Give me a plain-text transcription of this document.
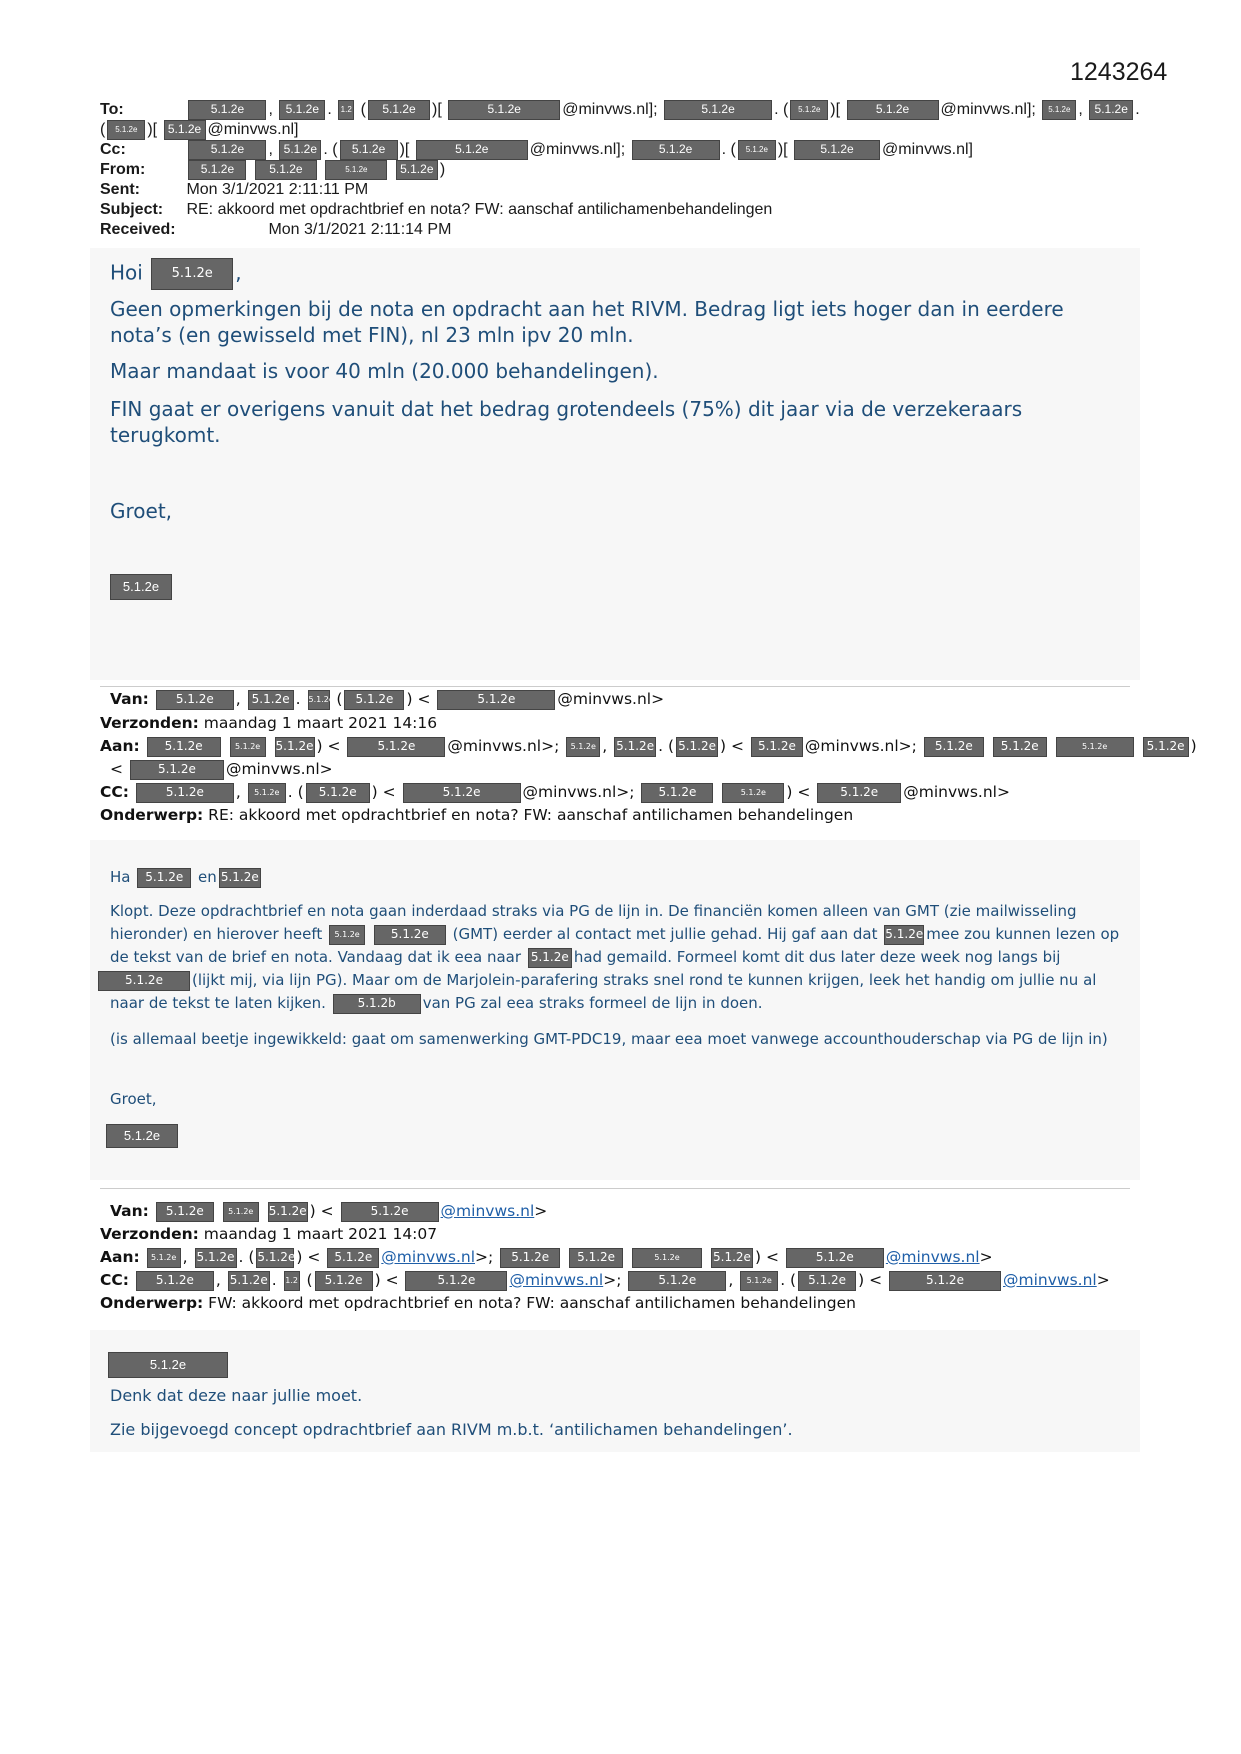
1243264
To:	5.1.2e , 5.1.2e . 1.2 ( 5.1.2e )[	5.1.2e	@minvws.nl];	5.1.2e . ( 5.1.2e )[	5.1.2e @minvws.nl]; 5.1.2e , 5.1.2e .
( 5.1.2e )[ 5.1.2e @minvws.nl]
Cc:	5.1.2e , 5.1.2e . ( 5.1.2e )[	5.1.2e	@minvws.nl];	5.1.2e . ( 5.1.2e )[ 5.1.2e @minvws.nl]
From:	5.1.2e	5.1.2e	5.1.2e	5.1.2e )
Sent:	Mon 3/1/2021 2:11:11 PM
Subject: RE: akkoord met opdrachtbrief en nota? FW: aanschaf antilichamenbehandelingen
Received:	Mon 3/1/2021 2:11:14 PM
Hoi 5.1.2e ,
Geen opmerkingen bij de nota en opdracht aan het RIVM. Bedrag ligt iets hoger dan in eerdere nota’s (en gewisseld met FIN), nl 23 mln ipv 20 mln.
Maar mandaat is voor 40 mln (20.000 behandelingen).
FIN gaat er overigens vanuit dat het bedrag grotendeels (75%) dit jaar via de verzekeraars terugkomt.
Groet,
5.1.2e
Van: 5.1.2e , 5.1.2e . 5.1.2e ( 5.1.2e ) <	5.1.2e	@minvws.nl>
Verzonden: maandag 1 maart 2021 14:16
Aan: 5.1.2e	5.1.2e 5.1.2e ) <	5.1.2e @minvws.nl>; 5.1.2e , 5.1.2e . ( 5.1.2e ) < 5.1.2e @minvws.nl>; 5.1.2e 5.1.2e	5.1.2e	5.1.2e )
<	5.1.2e @minvws.nl>
CC:	5.1.2e , 5.1.2e . ( 5.1.2e ) <	5.1.2e	@minvws.nl>; 5.1.2e	5.1.2e ) < 5.1.2e @minvws.nl>
Onderwerp: RE: akkoord met opdrachtbrief en nota? FW: aanschaf antilichamen behandelingen
Ha 5.1.2e en 5.1.2e
Klopt. Deze opdrachtbrief en nota gaan inderdaad straks via PG de lijn in. De financiën komen alleen van GMT (zie mailwisseling hieronder) en hierover heeft 5.1.2e	5.1.2e (GMT) eerder al contact met jullie gehad. Hij gaf aan dat 5.1.2e mee zou kunnen lezen op de tekst van de brief en nota. Vandaag dat ik eea naar 5.1.2e had gemaild. Formeel komt dit dus later deze week nog langs bij 5.1.2e (lijkt mij, via lijn PG). Maar om de Marjolein-parafering straks snel rond te kunnen krijgen, leek het handig om jullie nu al naar de tekst te laten kijken.	5.1.2b van PG zal eea straks formeel de lijn in doen.
(is allemaal beetje ingewikkeld: gaat om samenwerking GMT-PDC19, maar eea moet vanwege accounthouderschap via PG de lijn in)
Groet,
5.1.2e
Van: 5.1.2e	5.1.2e 5.1.2e ) <	5.1.2e @minvws.nl>
Verzonden: maandag 1 maart 2021 14:07
Aan: 5.1.2e , 5.1.2e . ( 5.1.2e) < 5.1.2e @minvws.nl>; 5.1.2e 5.1.2e	5.1.2e	5.1.2e ) <	5.1.2e @minvws.nl>
CC: 5.1.2e , 5.1.2e . 1.2 ( 5.1.2e ) <	5.1.2e @minvws.nl>;	5.1.2e , 5.1.2e . ( 5.1.2e ) <	5.1.2e	@minvws.nl>
Onderwerp: FW: akkoord met opdrachtbrief en nota? FW: aanschaf antilichamen behandelingen
5.1.2e
Denk dat deze naar jullie moet.
Zie bijgevoegd concept opdrachtbrief aan RIVM m.b.t. ‘antilichamen behandelingen’.
